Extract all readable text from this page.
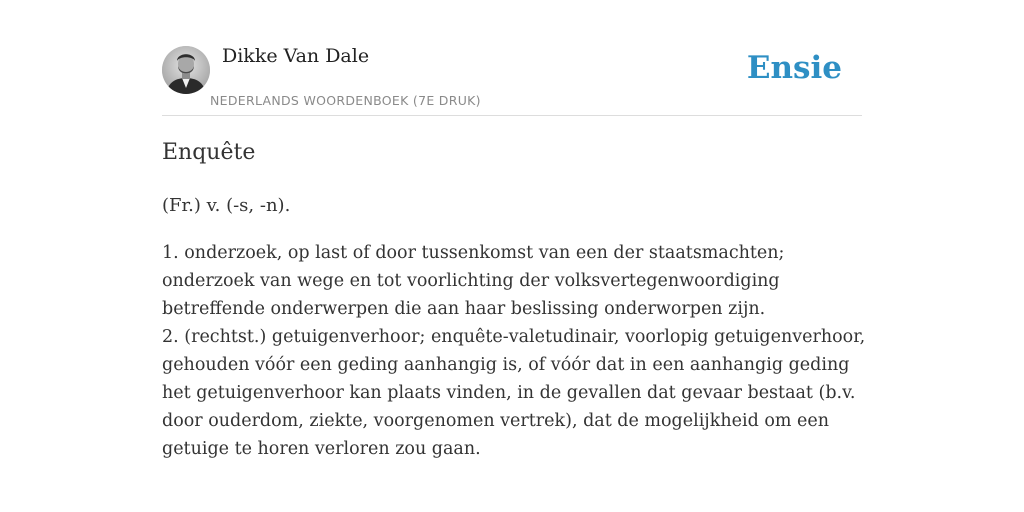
Dikke Van Dale
NEDERLANDS WOORDENBOEK (7E DRUK)
Ensie
Enquête
(Fr.) v. (-s, -n).

1. onderzoek, op last of door tussenkomst van een der staatsmachten; onderzoek van wege en tot voorlichting der volksvertegenwoordiging betreffende onderwerpen die aan haar beslissing onderworpen zijn.

2. (rechtst.) getuigenverhoor; enquête-valetudinair, voorlopig getuigenverhoor, gehouden vóór een geding aanhangig is, of vóór dat in een aanhangig geding het getuigenverhoor kan plaats vinden, in de gevallen dat gevaar bestaat (b.v. door ouderdom, ziekte, voorgenomen vertrek), dat de mogelijkheid om een getuige te horen verloren zou gaan.
